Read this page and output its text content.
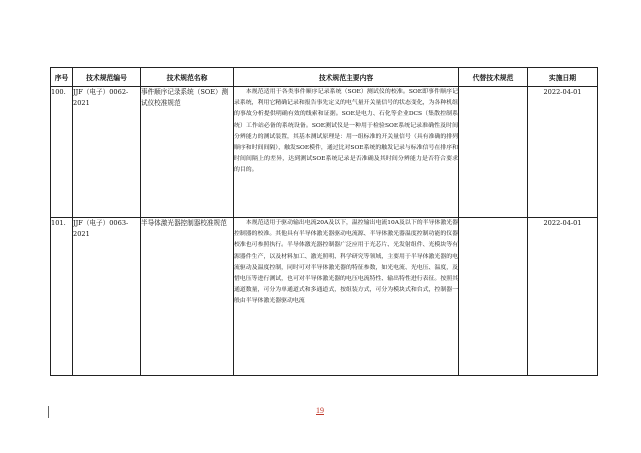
序号	技术规范编号	技术规范名称	技术规范主要内容	代替技术规范	实施日期
100.	JJF（电子）0062-2021	事件顺序记录系统（SOE）测试仪校准规范	本规范适用于各类事件顺序记录系统（SOE）测试仪的校准。SOE即事件顺序记录系统，利用它精确记录和报告事先定义的电气量开关量信号的状态变化，为各种机组的事故分析提供明确有效的线索和证据。SOE是电力、石化等企业DCS（集散控制系统）工作站必备的系统设备。SOE测试仪是一种用于检验SOE系统记录准确性及时间分辨能力的测试装置，其基本测试原理是：用一组标准的开关量信号（具有准确的排列顺序和时间间隔），触发SOE模件，通过比对SOE系统的触发记录与标准信号在排序和时间间隔上的差异，达到测试SOE系统记录是否准确及其时间分辨能力是否符合要求的目的。		2022-04-01
101.	JJF（电子）0063-2021	半导体激光器控制器校准规范	本规范适用于驱动输出电流20A及以下，温控输出电流10A及以下的半导体激光器控制器的校准。其他具有半导体激光器驱动电流源、半导体激光器温度控制功能的仪器校准也可参照执行。半导体激光器控制器广泛应用于光芯片、光发射组件、光模块等有源器件生产，以及材料加工、激光照明、科学研究等领域，主要用于半导体激光器的电流驱动及温度控制，同时可对半导体激光器的特征参数，如光电流、光电压、温度，及惜电压等进行测试，也可对半导体激光器的电压电流特性、输出特性进行表征。按照其通道数量，可分为单通道式和多通道式，按组装方式，可分为模块式和台式，控制器一般由半导体激光器驱动电流		2022-04-01
19
